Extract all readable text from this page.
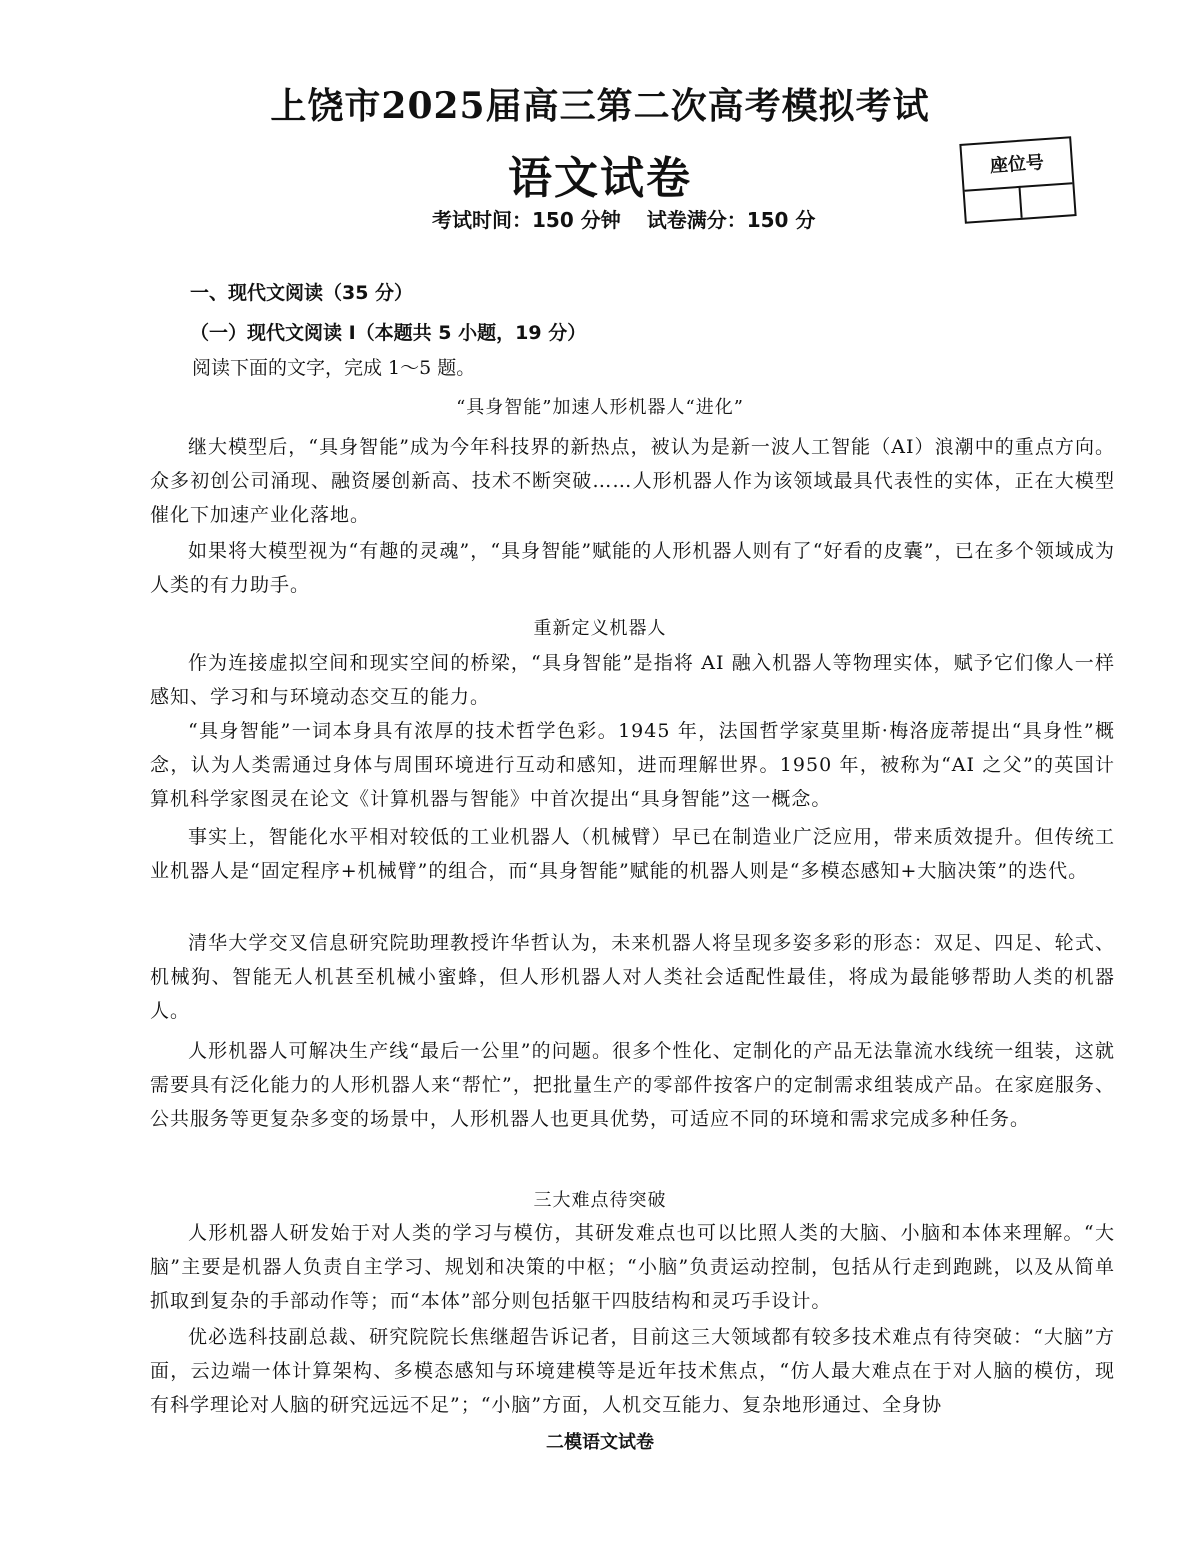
上饶市2025届高三第二次高考模拟考试
语文试卷
考试时间：150 分钟 试卷满分：150 分
座位号
一、现代文阅读（35 分）
（一）现代文阅读 I（本题共 5 小题，19 分）
阅读下面的文字，完成 1～5 题。
“具身智能”加速人形机器人“进化”

继大模型后，“具身智能”成为今年科技界的新热点，被认为是新一波人工智能（AI）浪潮中的重点方向。众多初创公司涌现、融资屡创新高、技术不断突破……人形机器人作为该领域最具代表性的实体，正在大模型催化下加速产业化落地。

如果将大模型视为“有趣的灵魂”，“具身智能”赋能的人形机器人则有了“好看的皮囊”，已在多个领域成为人类的有力助手。

重新定义机器人

作为连接虚拟空间和现实空间的桥梁，“具身智能”是指将 AI 融入机器人等物理实体，赋予它们像人一样感知、学习和与环境动态交互的能力。

“具身智能”一词本身具有浓厚的技术哲学色彩。1945 年，法国哲学家莫里斯·梅洛庞蒂提出“具身性”概念，认为人类需通过身体与周围环境进行互动和感知，进而理解世界。1950 年，被称为“AI 之父”的英国计算机科学家图灵在论文《计算机器与智能》中首次提出“具身智能”这一概念。

事实上，智能化水平相对较低的工业机器人（机械臂）早已在制造业广泛应用，带来质效提升。但传统工业机器人是“固定程序+机械臂”的组合，而“具身智能”赋能的机器人则是“多模态感知+大脑决策”的迭代。

清华大学交叉信息研究院助理教授许华哲认为，未来机器人将呈现多姿多彩的形态：双足、四足、轮式、机械狗、智能无人机甚至机械小蜜蜂，但人形机器人对人类社会适配性最佳，将成为最能够帮助人类的机器人。

人形机器人可解决生产线“最后一公里”的问题。很多个性化、定制化的产品无法靠流水线统一组装，这就需要具有泛化能力的人形机器人来“帮忙”，把批量生产的零部件按客户的定制需求组装成产品。在家庭服务、公共服务等更复杂多变的场景中，人形机器人也更具优势，可适应不同的环境和需求完成多种任务。

三大难点待突破

人形机器人研发始于对人类的学习与模仿，其研发难点也可以比照人类的大脑、小脑和本体来理解。“大脑”主要是机器人负责自主学习、规划和决策的中枢；“小脑”负责运动控制，包括从行走到跑跳，以及从简单抓取到复杂的手部动作等；而“本体”部分则包括躯干四肢结构和灵巧手设计。

优必选科技副总裁、研究院院长焦继超告诉记者，目前这三大领域都有较多技术难点有待突破：“大脑”方面，云边端一体计算架构、多模态感知与环境建模等是近年技术焦点，“仿人最大难点在于对人脑的模仿，现有科学理论对人脑的研究远远不足”；“小脑”方面，人机交互能力、复杂地形通过、全身协

二模语文试卷
